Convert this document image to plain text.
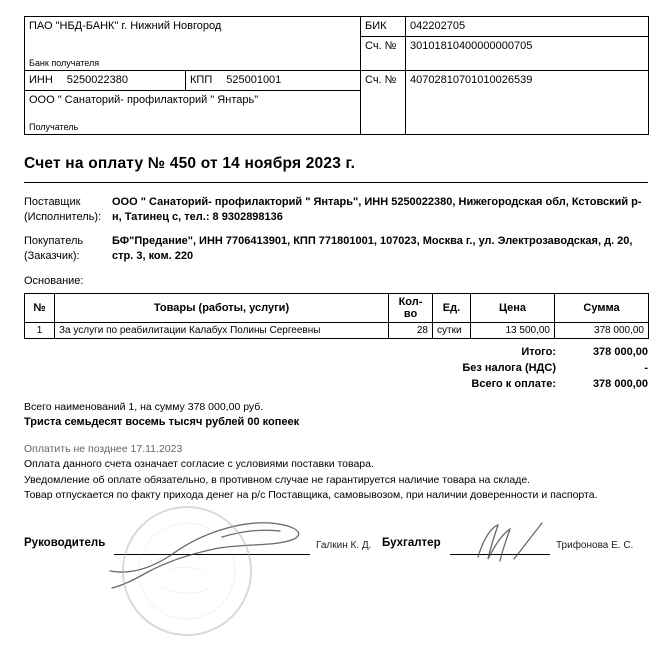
ПАО "НБД-БАНК" г. Нижний Новгород
Банк получателя		БИК	042202705
		Сч. №	30101810400000000705
ИНН 5250022380	КПП 525001001	Сч. №	40702810701010026539

ООО " Санаторий- профилакторий " Янтарь"
Получатель			
Счет на оплату № 450 от 14 ноября 2023 г.
Поставщик
(Исполнитель):
ООО " Санаторий- профилакторий " Янтарь", ИНН 5250022380, Нижегородская обл, Кстовский р-н, Татинец с, тел.: 8 9302898136
Покупатель
(Заказчик):
БФ"Предание", ИНН 7706413901, КПП 771801001, 107023, Москва г., ул. Электрозаводская, д. 20, стр. 3, ком. 220
Основание:
№	Товары (работы, услуги)	Кол-во	Ед.	Цена	Сумма
1	За услуги по реабилитации Калабух Полины Сергеевны	28	сутки	13 500,00	378 000,00
Итого:	378 000,00
Без налога (НДС)	-
Всего к оплате:	378 000,00
Всего наименований 1, на сумму 378 000,00 руб.
Триста семьдесят восемь тысяч рублей 00 копеек
Оплатить не позднее 17.11.2023
Оплата данного счета означает согласие с условиями поставки товара.
Уведомление об оплате обязательно, в противном случае не гарантируется наличие товара на складе.
Товар отпускается по факту прихода денег на р/с Поставщика, самовывозом, при наличии доверенности и паспорта.
Руководитель	Галкин К. Д. Бухгалтер	Трифонова Е. С.
